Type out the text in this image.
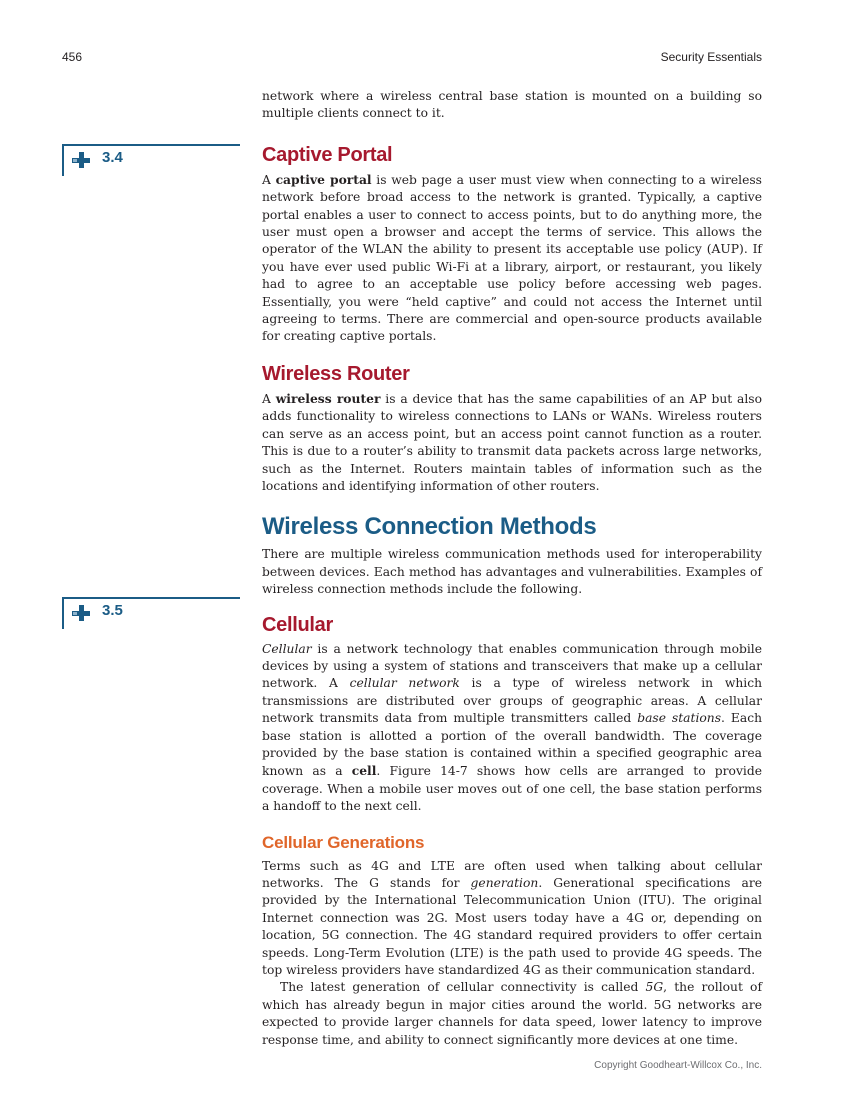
456	Security Essentials
3.4
3.5

network where a wireless central base station is mounted on a building so multiple clients connect to it.

Captive Portal

A captive portal is web page a user must view when connecting to a wireless network before broad access to the network is granted. Typically, a captive portal enables a user to connect to access points, but to do anything more, the user must open a browser and accept the terms of service. This allows the operator of the WLAN the ability to present its acceptable use policy (AUP). If you have ever used public Wi-Fi at a library, airport, or restaurant, you likely had to agree to an acceptable use policy before accessing web pages. Essentially, you were “held captive” and could not access the Internet until agreeing to terms. There are commercial and open-source products available for creating captive portals.

Wireless Router

A wireless router is a device that has the same capabilities of an AP but also adds functionality to wireless connections to LANs or WANs. Wireless routers can serve as an access point, but an access point cannot function as a router. This is due to a router’s ability to transmit data packets across large networks, such as the Internet. Routers maintain tables of information such as the locations and identifying information of other routers.

Wireless Connection Methods

There are multiple wireless communication methods used for interoperability between devices. Each method has advantages and vulnerabilities. Examples of wireless connection methods include the following.

Cellular

Cellular is a network technology that enables communication through mobile devices by using a system of stations and transceivers that make up a cellular network. A cellular network is a type of wireless network in which transmissions are distributed over groups of geographic areas. A cellular network transmits data from multiple transmitters called base stations. Each base station is allotted a portion of the overall bandwidth. The coverage provided by the base station is contained within a specified geographic area known as a cell. Figure 14-7 shows how cells are arranged to provide coverage. When a mobile user moves out of one cell, the base station performs a handoff to the next cell.

Cellular Generations

Terms such as 4G and LTE are often used when talking about cellular networks. The G stands for generation. Generational specifications are provided by the International Telecommunication Union (ITU). The original Internet connection was 2G. Most users today have a 4G or, depending on location, 5G connection. The 4G standard required providers to offer certain speeds. Long-Term Evolution (LTE) is the path used to provide 4G speeds. The top wireless providers have standardized 4G as their communication standard.

The latest generation of cellular connectivity is called 5G, the rollout of which has already begun in major cities around the world. 5G networks are expected to provide larger channels for data speed, lower latency to improve response time, and ability to connect significantly more devices at one time.

Copyright Goodheart-Willcox Co., Inc.
